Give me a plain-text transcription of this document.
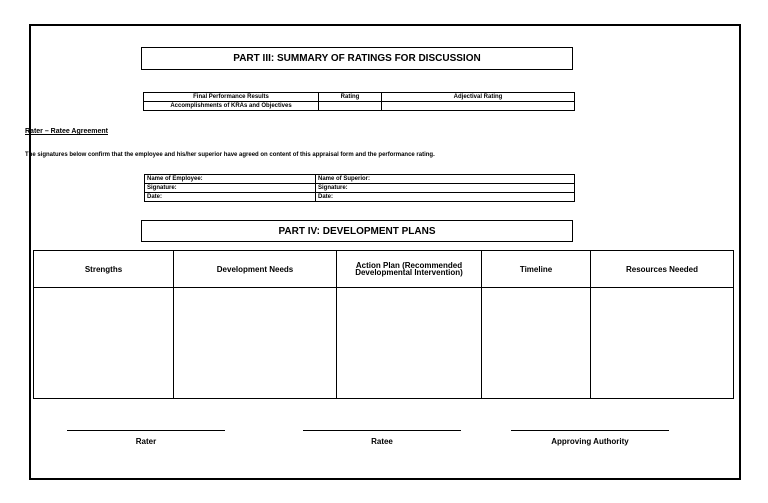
PART III: SUMMARY OF RATINGS FOR DISCUSSION
Final Performance Results	Rating	Adjectival Rating
Accomplishments of KRAs and Objectives		
Rater – Ratee Agreement
The signatures below confirm that the employee and his/her superior have agreed on content of this appraisal form and the performance rating.
Name of Employee:	Name of Superior:
Signature:	Signature:
Date:	Date:
PART IV: DEVELOPMENT PLANS
Strengths	Development Needs	Action Plan (Recommended Developmental Intervention)	Timeline	Resources Needed

Rater	Ratee	Approving Authority
